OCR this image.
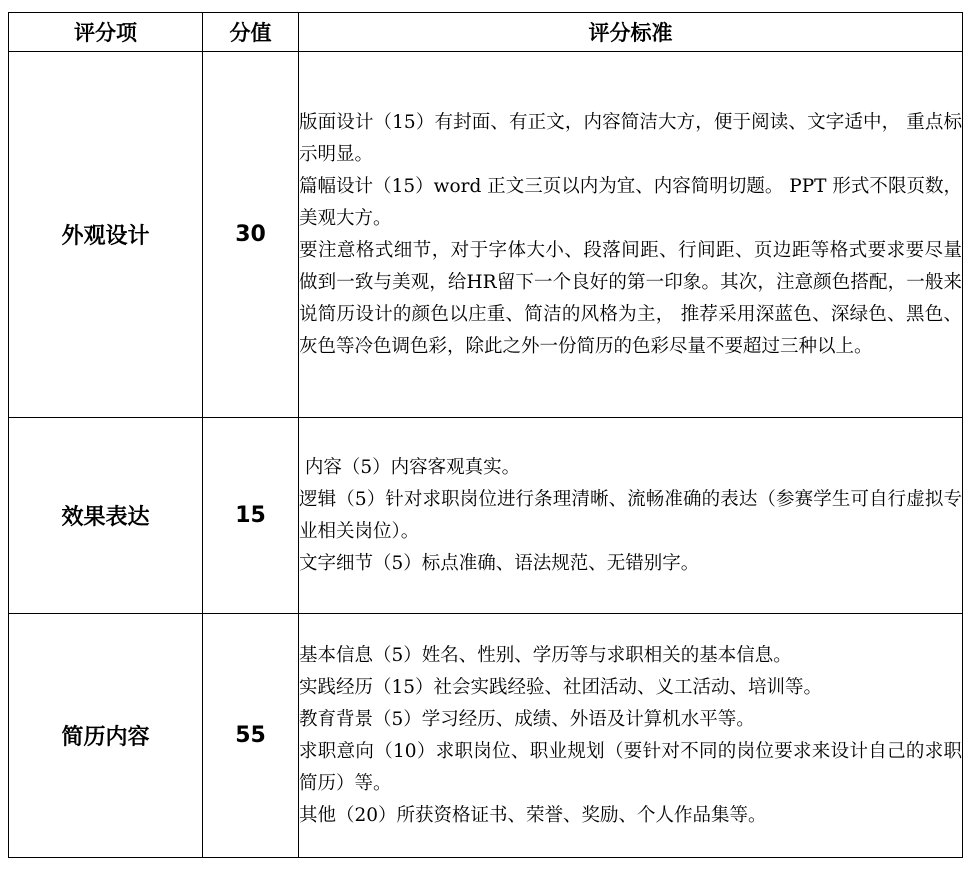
评分项	分值	评分标准
外观设计	30	版面设计（15）有封面、有正文，内容简洁大方，便于阅读、文字适中， 重点标示明显。

篇幅设计（15）word 正文三页以内为宜、内容简明切题。 PPT 形式不限页数，美观大方。

要注意格式细节，对于字体大小、段落间距、行间距、页边距等格式要求要尽量做到一致与美观，给HR留下一个良好的第一印象。其次，注意颜色搭配，一般来说简历设计的颜色以庄重、简洁的风格为主， 推荐采用深蓝色、深绿色、黑色、灰色等冷色调色彩，除此之外一份简历的色彩尽量不要超过三种以上。

效果表达	15	内容（5）内容客观真实。

逻辑（5）针对求职岗位进行条理清晰、流畅准确的表达（参赛学生可自行虚拟专业相关岗位）。

文字细节（5）标点准确、语法规范、无错别字。

简历内容	55	基本信息（5）姓名、性别、学历等与求职相关的基本信息。

实践经历（15）社会实践经验、社团活动、义工活动、培训等。

教育背景（5）学习经历、成绩、外语及计算机水平等。

求职意向（10）求职岗位、职业规划（要针对不同的岗位要求来设计自己的求职简历）等。

其他（20）所获资格证书、荣誉、奖励、个人作品集等。
